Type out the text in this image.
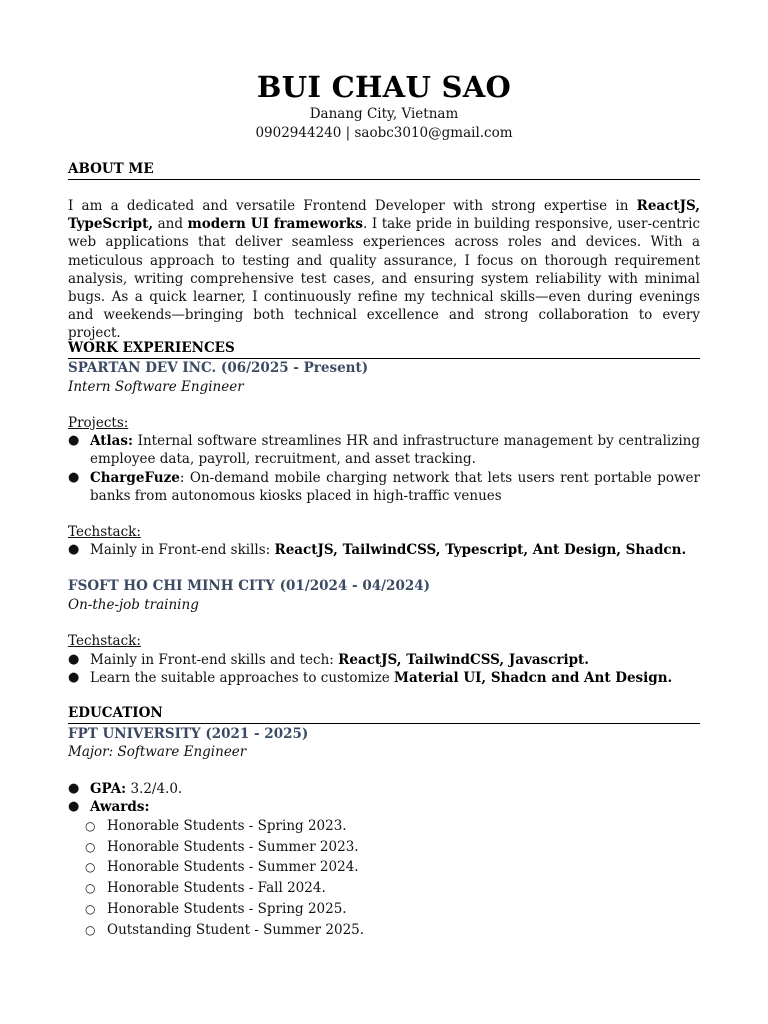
BUI CHAU SAO
Danang City, Vietnam
0902944240 | saobc3010@gmail.com
ABOUT ME
I am a dedicated and versatile Frontend Developer with strong expertise in ReactJS, TypeScript, and modern UI frameworks. I take pride in building responsive, user-centric web applications that deliver seamless experiences across roles and devices. With a meticulous approach to testing and quality assurance, I focus on thorough requirement analysis, writing comprehensive test cases, and ensuring system reliability with minimal bugs. As a quick learner, I continuously refine my technical skills—even during evenings and weekends—bringing both technical excellence and strong collaboration to every project.
WORK EXPERIENCES
SPARTAN DEV INC. (06/2025 - Present)
Intern Software Engineer
Projects:
● Atlas: Internal software streamlines HR and infrastructure management by centralizing employee data, payroll, recruitment, and asset tracking.
● ChargeFuze: On-demand mobile charging network that lets users rent portable power banks from autonomous kiosks placed in high-traffic venues
Techstack:
● Mainly in Front-end skills: ReactJS, TailwindCSS, Typescript, Ant Design, Shadcn.
FSOFT HO CHI MINH CITY (01/2024 - 04/2024)
On-the-job training
Techstack:
● Mainly in Front-end skills and tech: ReactJS, TailwindCSS, Javascript.
● Learn the suitable approaches to customize Material UI, Shadcn and Ant Design.
EDUCATION
FPT UNIVERSITY (2021 - 2025)
Major: Software Engineer
● GPA: 3.2/4.0.
● Awards:
○ Honorable Students - Spring 2023.
○ Honorable Students - Summer 2023.
○ Honorable Students - Summer 2024.
○ Honorable Students - Fall 2024.
○ Honorable Students - Spring 2025.
○ Outstanding Student - Summer 2025.
